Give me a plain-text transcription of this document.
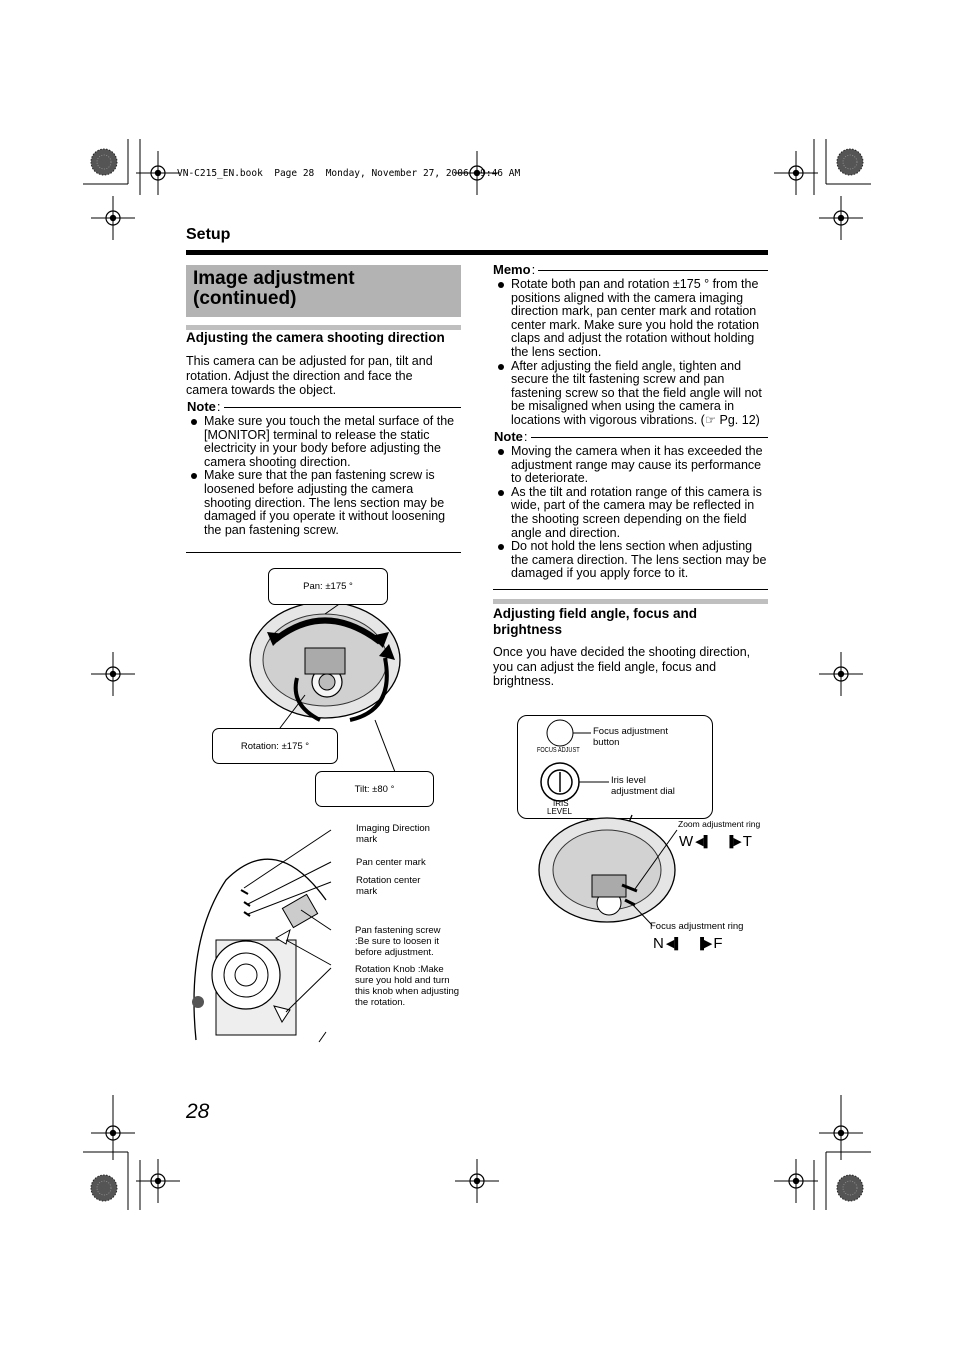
VN-C215_EN.book  Page 28  Monday, November 27, 2006  9:46 AM
Setup
Image adjustment (continued)
Adjusting the camera shooting direction
This camera can be adjusted for pan, tilt and rotation. Adjust the direction and face the camera towards the object.
Note :
Make sure you touch the metal surface of the [MONITOR] terminal to release the static electricity in your body before adjusting the camera shooting direction.
Make sure that the pan fastening screw is loosened before adjusting the camera shooting direction. The lens section may be damaged if you operate it without loosening the pan fastening screw.
Pan: ±175 °
Rotation: ±175 °
Tilt: ±80 °
Imaging Direction mark
Pan center mark
Rotation center mark
Pan fastening screw :Be sure to loosen it before adjustment.
Rotation Knob :Make sure you hold and turn this knob when adjusting the rotation.
28
Memo :
Rotate both pan and rotation ±175 ° from the positions aligned with the camera imaging direction mark, pan center mark and rotation center mark. Make sure you hold the rotation claps and adjust the rotation without holding the lens section.
After adjusting the field angle, tighten and secure the tilt fastening screw and pan fastening screw so that the field angle will not be misaligned when using the camera in locations with vigorous vibrations. (☞ Pg. 12)
Note :
Moving the camera when it has exceeded the adjustment range may cause its performance to deteriorate.
As the tilt and rotation range of this camera is wide, part of the camera may be reflected in the shooting screen depending on the field angle and direction.
Do not hold the lens section when adjusting the camera direction. The lens section may be damaged if you apply force to it.
Adjusting field angle, focus and brightness
Once you have decided the shooting direction, you can adjust the field angle, focus and brightness.
Focus adjustment button
FOCUS ADJUST
Iris level adjustment dial
IRIS
LEVEL
Zoom adjustment ring
W ◀▌ ▐▶ T
Focus adjustment ring
N ◀▌ ▐▶ F
